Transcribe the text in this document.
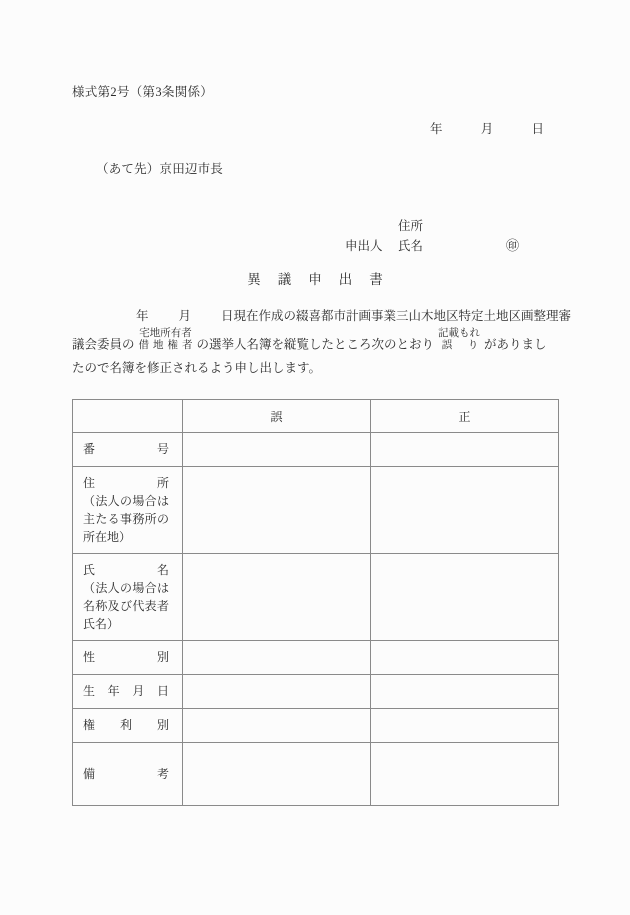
様式第2号（第3条関係）
年	月	日
（あて先）京田辺市長
住所
申出人 氏名	㊞
異議申出書
年 月 日現在作成の綴喜都市計画事業三山木地区特定土地区画整理審
議会委員の
宅地所有者
借地権者 の選挙人名簿を縦覧したところ次のとおり
記載もれ
誤 り がありまし
たので名簿を修正されるよう申し出します。
	誤	正

番 号		

住 所
（法人の場合は
主たる事務所の
所在地）		

氏 名
（法人の場合は
名称及び代表者
氏名）		

性 別		

生 年 月 日		

権 利 別		

備 考		
